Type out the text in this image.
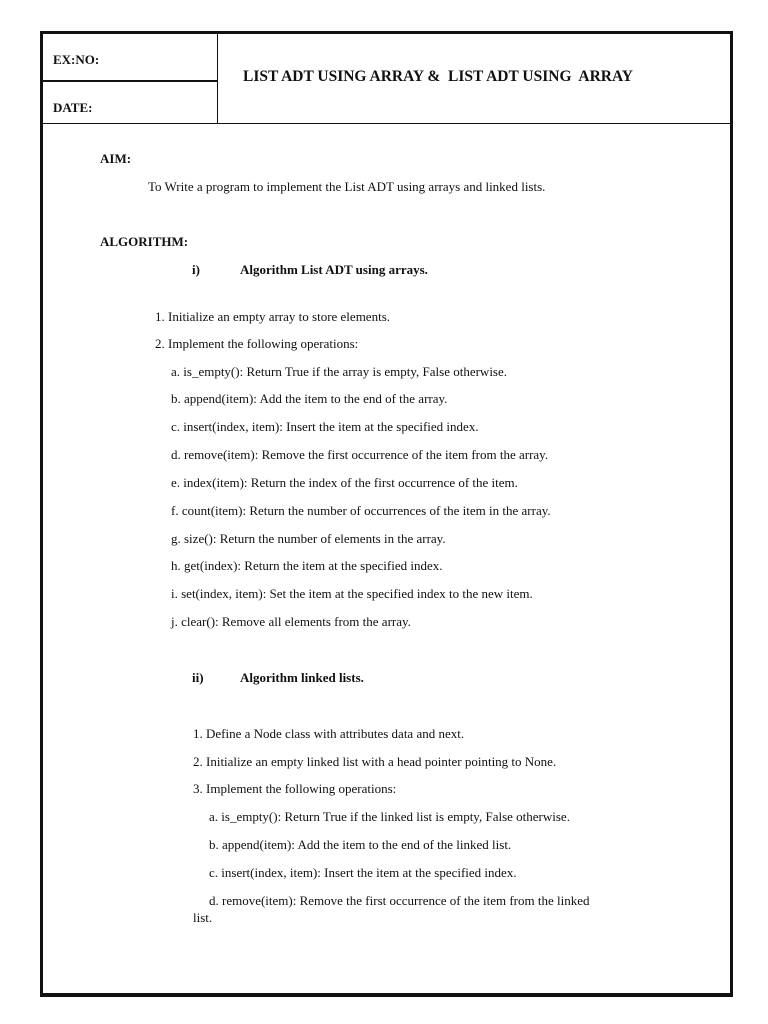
EX:NO:
DATE:
LIST ADT USING ARRAY &  LIST ADT USING  ARRAY
AIM:
To Write a program to implement the List ADT using arrays and linked lists.
ALGORITHM:
i)	Algorithm List ADT using arrays.
1. Initialize an empty array to store elements.
2. Implement the following operations:
a. is_empty(): Return True if the array is empty, False otherwise.
b. append(item): Add the item to the end of the array.
c. insert(index, item): Insert the item at the specified index.
d. remove(item): Remove the first occurrence of the item from the array.
e. index(item): Return the index of the first occurrence of the item.
f. count(item): Return the number of occurrences of the item in the array.
g. size(): Return the number of elements in the array.
h. get(index): Return the item at the specified index.
i. set(index, item): Set the item at the specified index to the new item.
j. clear(): Remove all elements from the array.
ii)	Algorithm linked lists.
1. Define a Node class with attributes data and next.
2. Initialize an empty linked list with a head pointer pointing to None.
3. Implement the following operations:
a. is_empty(): Return True if the linked list is empty, False otherwise.
b. append(item): Add the item to the end of the linked list.
c. insert(index, item): Insert the item at the specified index.
d. remove(item): Remove the first occurrence of the item from the linked
list.
